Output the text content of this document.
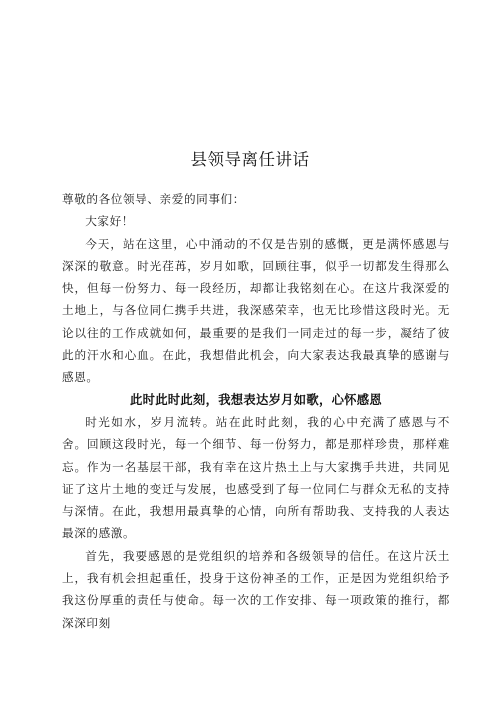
县领导离任讲话

尊敬的各位领导、亲爱的同事们：

大家好！

今天，站在这里，心中涌动的不仅是告别的感慨，更是满怀感恩与深深的敬意。时光荏苒，岁月如歌，回顾往事，似乎一切都发生得那么快，但每一份努力、每一段经历，却都让我铭刻在心。在这片我深爱的土地上，与各位同仁携手共进，我深感荣幸，也无比珍惜这段时光。无论以往的工作成就如何，最重要的是我们一同走过的每一步，凝结了彼此的汗水和心血。在此，我想借此机会，向大家表达我最真挚的感谢与感恩。

此时此时此刻，我想表达岁月如歌，心怀感恩

时光如水，岁月流转。站在此时此刻，我的心中充满了感恩与不舍。回顾这段时光，每一个细节、每一份努力，都是那样珍贵，那样难忘。作为一名基层干部，我有幸在这片热土上与大家携手共进，共同见证了这片土地的变迁与发展，也感受到了每一位同仁与群众无私的支持与深情。在此，我想用最真挚的心情，向所有帮助我、支持我的人表达最深的感激。

首先，我要感恩的是党组织的培养和各级领导的信任。在这片沃土上，我有机会担起重任，投身于这份神圣的工作，正是因为党组织给予我这份厚重的责任与使命。每一次的工作安排、每一项政策的推行，都深深印刻
